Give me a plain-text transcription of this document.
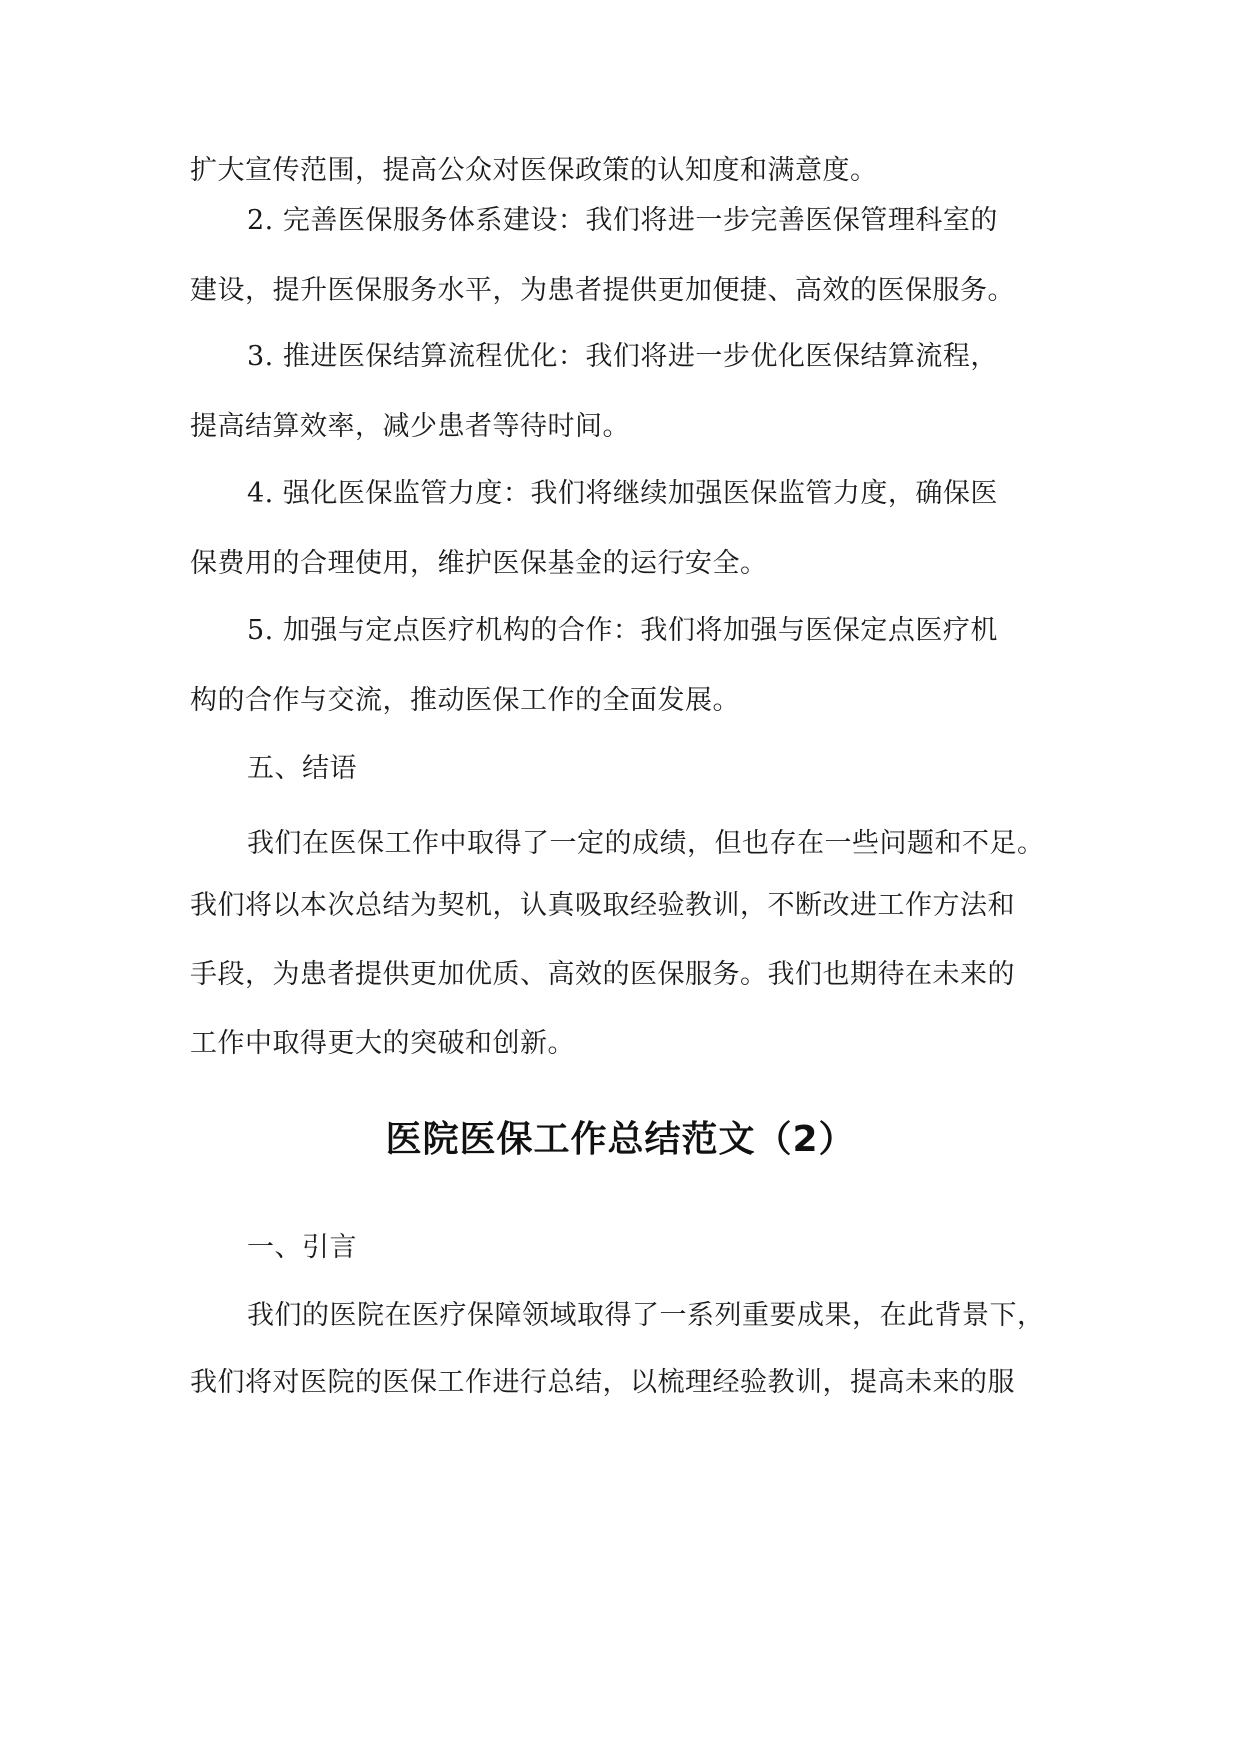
扩大宣传范围，提高公众对医保政策的认知度和满意度。
2. 完善医保服务体系建设：我们将进一步完善医保管理科室的
建设，提升医保服务水平，为患者提供更加便捷、高效的医保服务。
3. 推进医保结算流程优化：我们将进一步优化医保结算流程，
提高结算效率，减少患者等待时间。
4. 强化医保监管力度：我们将继续加强医保监管力度，确保医
保费用的合理使用，维护医保基金的运行安全。
5. 加强与定点医疗机构的合作：我们将加强与医保定点医疗机
构的合作与交流，推动医保工作的全面发展。
五、结语
我们在医保工作中取得了一定的成绩，但也存在一些问题和不足。
我们将以本次总结为契机，认真吸取经验教训，不断改进工作方法和
手段，为患者提供更加优质、高效的医保服务。我们也期待在未来的
工作中取得更大的突破和创新。
医院医保工作总结范文（2）
一、引言
我们的医院在医疗保障领域取得了一系列重要成果，在此背景下，
我们将对医院的医保工作进行总结，以梳理经验教训，提高未来的服
